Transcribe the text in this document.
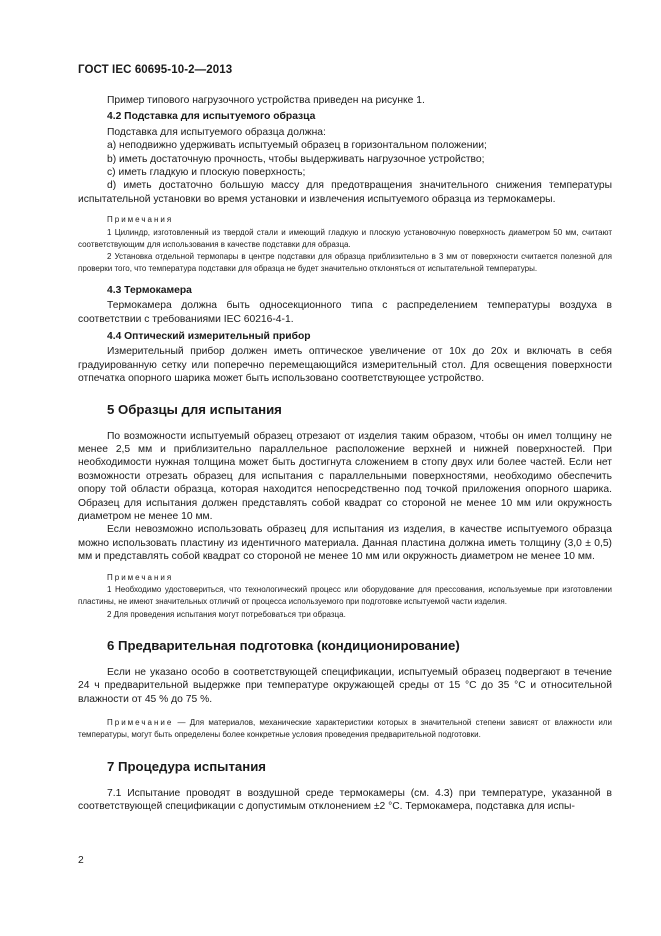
ГОСТ IEC 60695-10-2—2013

Пример типового нагрузочного устройства приведен на рисунке 1.

4.2 Подставка для испытуемого образца

Подставка для испытуемого образца должна:

a) неподвижно удерживать испытуемый образец в горизонтальном положении;

b) иметь достаточную прочность, чтобы выдерживать нагрузочное устройство;

c) иметь гладкую и плоскую поверхность;

d) иметь достаточно большую массу для предотвращения значительного снижения температуры испытательной установки во время установки и извлечения испытуемого образца из термокамеры.

Примечания

1 Цилиндр, изготовленный из твердой стали и имеющий гладкую и плоскую установочную поверхность диаметром 50 мм, считают соответствующим для использования в качестве подставки для образца.

2 Установка отдельной термопары в центре подставки для образца приблизительно в 3 мм от поверхности считается полезной для проверки того, что температура подставки для образца не будет значительно отклоняться от испытательной температуры.

4.3 Термокамера

Термокамера должна быть односекционного типа с распределением температуры воздуха в соответствии с требованиями IEC 60216-4-1.

4.4 Оптический измерительный прибор

Измерительный прибор должен иметь оптическое увеличение от 10x до 20x и включать в себя градуированную сетку или поперечно перемещающийся измерительный стол. Для освещения поверхности отпечатка опорного шарика может быть использовано соответствующее устройство.

5 Образцы для испытания

По возможности испытуемый образец отрезают от изделия таким образом, чтобы он имел толщину не менее 2,5 мм и приблизительно параллельное расположение верхней и нижней поверхностей. При необходимости нужная толщина может быть достигнута сложением в стопу двух или более частей. Если нет возможности отрезать образец для испытания с параллельными поверхностями, необходимо обеспечить опору той области образца, которая находится непосредственно под точкой приложения опорного шарика. Образец для испытания должен представлять собой квадрат со стороной не менее 10 мм или окружность диаметром не менее 10 мм.

Если невозможно использовать образец для испытания из изделия, в качестве испытуемого образца можно использовать пластину из идентичного материала. Данная пластина должна иметь толщину (3,0 ± 0,5) мм и представлять собой квадрат со стороной не менее 10 мм или окружность диаметром не менее 10 мм.

Примечания

1 Необходимо удостовериться, что технологический процесс или оборудование для прессования, используемые при изготовлении пластины, не имеют значительных отличий от процесса используемого при подготовке испытуемой части изделия.

2 Для проведения испытания могут потребоваться три образца.

6 Предварительная подготовка (кондиционирование)

Если не указано особо в соответствующей спецификации, испытуемый образец подвергают в течение 24 ч предварительной выдержке при температуре окружающей среды от 15 °С до 35 °С и относительной влажности от 45 % до 75 %.

Примечание — Для материалов, механические характеристики которых в значительной степени зависят от влажности или температуры, могут быть определены более конкретные условия проведения предварительной подготовки.

7 Процедура испытания

7.1 Испытание проводят в воздушной среде термокамеры (см. 4.3) при температуре, указанной в соответствующей спецификации с допустимым отклонением ±2 °С. Термокамера, подставка для испы-

2
